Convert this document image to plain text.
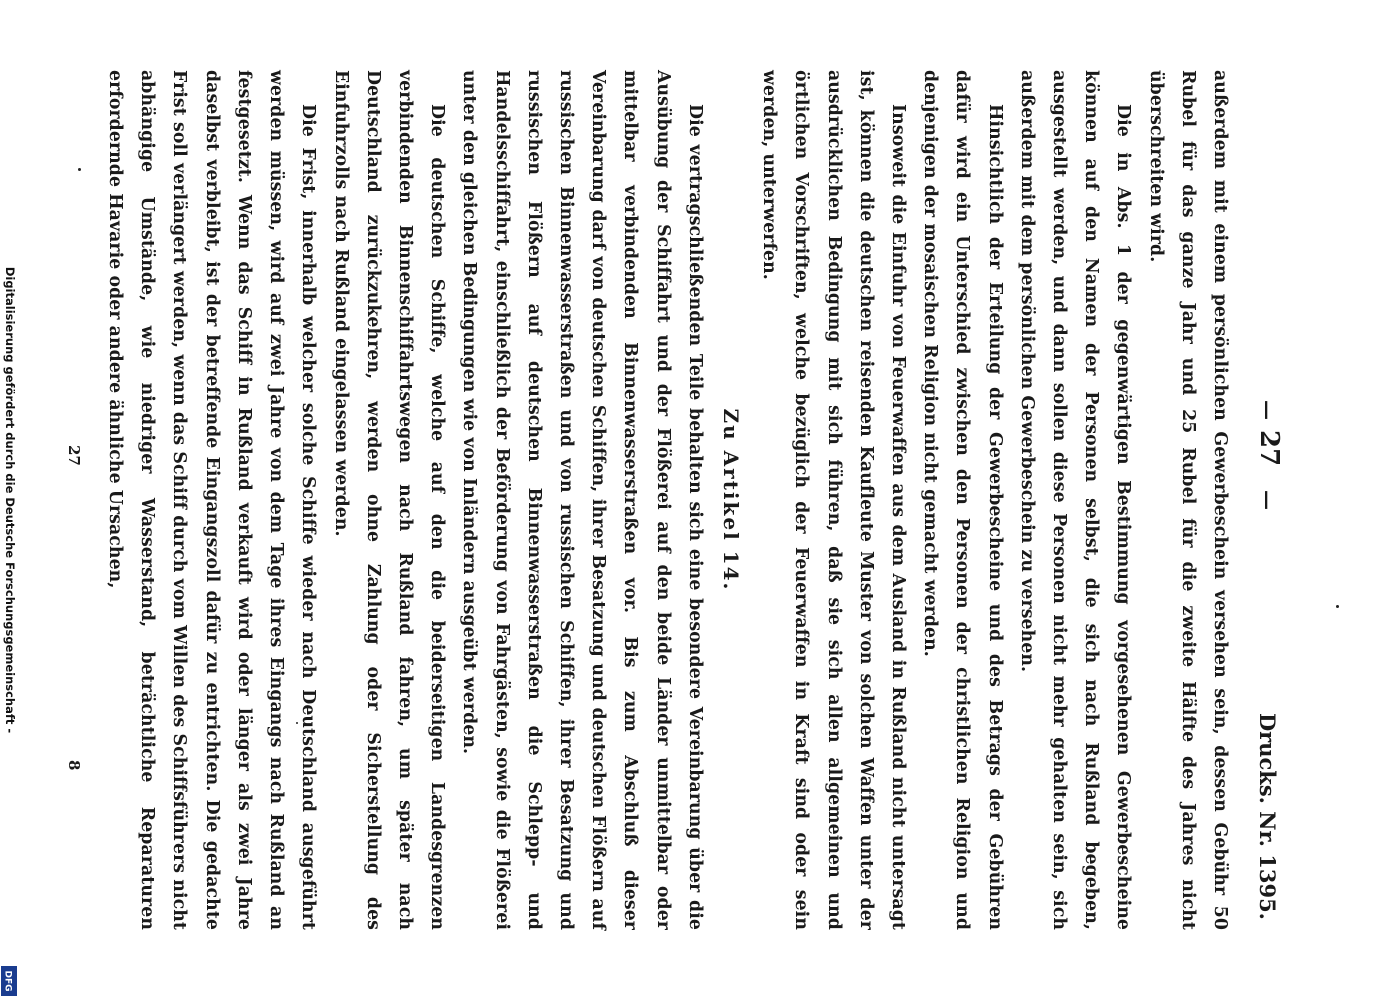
Digitalisierung gefördert durch die Deutsche Forschungsgemeinschaft -
DFG
—
27
—
Drucks. Nr. 1395.

außerdem mit einem persönlichen Gewerbeschein versehen sein, dessen Gebühr 50 Rubel für das ganze Jahr und 25 Rubel für die zweite Hälfte des Jahres nicht überschreiten wird.

Die in Abs. 1 der gegenwärtigen Bestimmung vorgesehenen Gewerbescheine können auf den Namen der Personen selbst, die sich nach Rußland begeben, ausgestellt werden, und dann sollen diese Personen nicht mehr gehalten sein, sich außerdem mit dem persönlichen Gewerbeschein zu versehen.

Hinsichtlich der Erteilung der Gewerbescheine und des Betrags der Gebühren dafür wird ein Unterschied zwischen den Personen der christlichen Religion und denjenigen der mosaischen Religion nicht gemacht werden.

Insoweit die Einfuhr von Feuerwaffen aus dem Ausland in Rußland nicht untersagt ist, können die deutschen reisenden Kaufleute Muster von solchen Waffen unter der ausdrücklichen Bedingung mit sich führen, daß sie sich allen allgemeinen und örtlichen Vorschriften, welche bezüglich der Feuerwaffen in Kraft sind oder sein werden, unterwerfen.

Zu Artikel 14.

Die vertragschließenden Teile behalten sich eine besondere Vereinbarung über die Ausübung der Schiffahrt und der Flößerei auf den beide Länder unmittelbar oder mittelbar verbindenden Binnenwasserstraßen vor. Bis zum Abschluß dieser Vereinbarung darf von deutschen Schiffen, ihrer Besatzung und deutschen Flößern auf russischen Binnenwasserstraßen und von russischen Schiffen, ihrer Besatzung und russischen Flößern auf deutschen Binnenwasserstraßen die Schlepp- und Handelsschiffahrt, einschließlich der Beförderung von Fahrgästen, sowie die Flößerei unter den gleichen Bedingungen wie von Inländern ausgeübt werden.

Die deutschen Schiffe, welche auf den die beiderseitigen Landesgrenzen verbindenden Binnenschiffahrtswegen nach Rußland fahren, um später nach Deutschland zurückzukehren, werden ohne Zahlung oder Sicherstellung des Einfuhrzolls nach Rußland eingelassen werden.

Die Frist, innerhalb welcher solche Schiffe wieder nach Deutschland ausgeführt werden müssen, wird auf zwei Jahre von dem Tage ihres Eingangs nach Rußland an festgesetzt. Wenn das Schiff in Rußland verkauft wird oder länger als zwei Jahre daselbst verbleibt, ist der betreffende Eingangszoll dafür zu entrichten. Die gedachte Frist soll verlängert werden, wenn das Schiff durch vom Willen des Schiffsführers nicht abhängige Umstände, wie niedriger Wasserstand, beträchtliche Reparaturen erfordernde Havarie oder andere ähnliche Ursachen,

27
8
